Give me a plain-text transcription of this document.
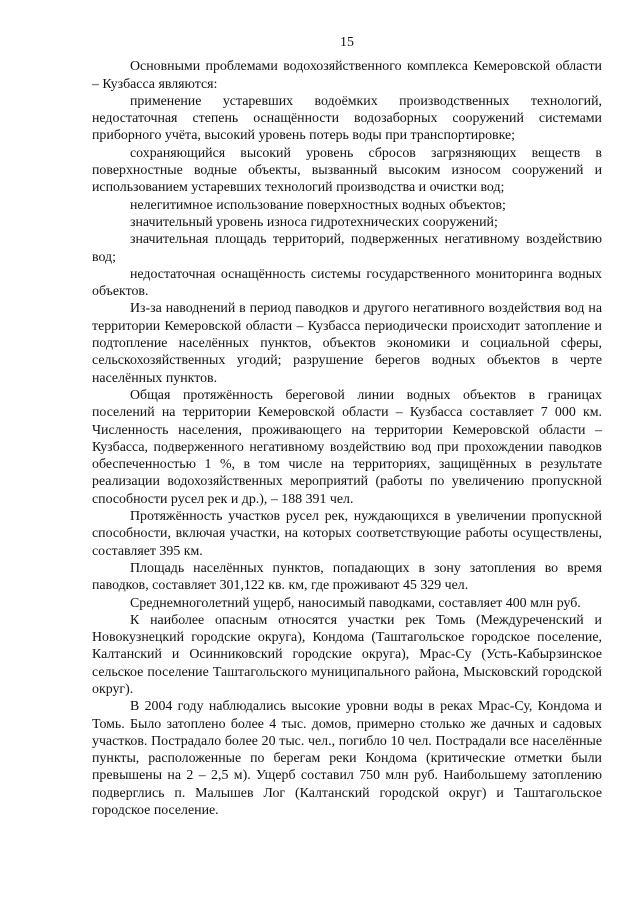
15

Основными проблемами водохозяйственного комплекса Кемеровской области – Кузбасса являются:

применение устаревших водоёмких производственных технологий, недостаточная степень оснащённости водозаборных сооружений системами приборного учёта, высокий уровень потерь воды при транспортировке;

сохраняющийся высокий уровень сбросов загрязняющих веществ в поверхностные водные объекты, вызванный высоким износом сооружений и использованием устаревших технологий производства и очистки вод;

нелегитимное использование поверхностных водных объектов;

значительный уровень износа гидротехнических сооружений;

значительная площадь территорий, подверженных негативному воздействию вод;

недостаточная оснащённость системы государственного мониторинга водных объектов.

Из-за наводнений в период паводков и другого негативного воздействия вод на территории Кемеровской области – Кузбасса периодически происходит затопление и подтопление населённых пунктов, объектов экономики и социальной сферы, сельскохозяйственных угодий; разрушение берегов водных объектов в черте населённых пунктов.

Общая протяжённость береговой линии водных объектов в границах поселений на территории Кемеровской области – Кузбасса составляет 7 000 км. Численность населения, проживающего на территории Кемеровской области – Кузбасса, подверженного негативному воздействию вод при прохождении паводков обеспеченностью 1 %, в том числе на территориях, защищённых в результате реализации водохозяйственных мероприятий (работы по увеличению пропускной способности русел рек и др.), – 188 391 чел.

Протяжённость участков русел рек, нуждающихся в увеличении пропускной способности, включая участки, на которых соответствующие работы осуществлены, составляет 395 км.

Площадь населённых пунктов, попадающих в зону затопления во время паводков, составляет 301,122 кв. км, где проживают 45 329 чел.

Среднемноголетний ущерб, наносимый паводками, составляет 400 млн руб.

К наиболее опасным относятся участки рек Томь (Междуреченский и Новокузнецкий городские округа), Кондома (Таштагольское городское поселение, Калтанский и Осинниковский городские округа), Мрас-Су (Усть-Кабырзинское сельское поселение Таштагольского муниципального района, Мысковский городской округ).

В 2004 году наблюдались высокие уровни воды в реках Мрас-Су, Кондома и Томь. Было затоплено более 4 тыс. домов, примерно столько же дачных и садовых участков. Пострадало более 20 тыс. чел., погибло 10 чел. Пострадали все населённые пункты, расположенные по берегам реки Кондома (критические отметки были превышены на 2 – 2,5 м). Ущерб составил 750 млн руб. Наибольшему затоплению подверглись п. Малышев Лог (Калтанский городской округ) и Таштагольское городское поселение.
